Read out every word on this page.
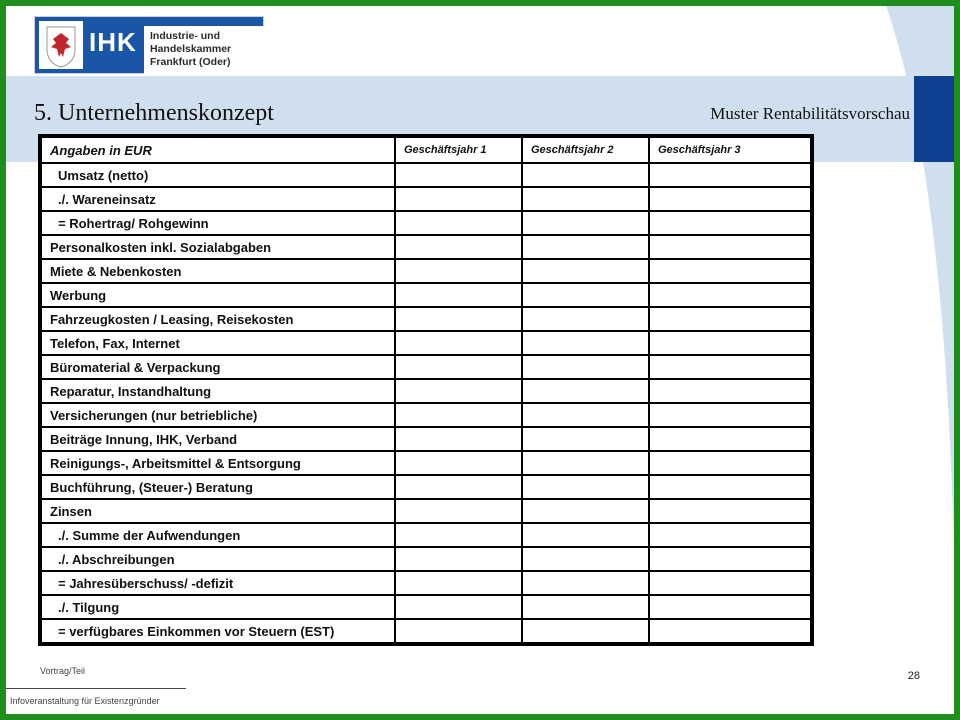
IHK Industrie- und Handelskammer
Frankfurt (Oder)
5. Unternehmenskonzept	Muster Rentabilitätsvorschau
Angaben in EUR	Geschäftsjahr 1	Geschäftsjahr 2	Geschäftsjahr 3
Umsatz (netto)			
./. Wareneinsatz			
= Rohertrag/ Rohgewinn			
Personalkosten inkl. Sozialabgaben			
Miete & Nebenkosten			
Werbung			
Fahrzeugkosten / Leasing, Reisekosten			
Telefon, Fax, Internet			
Büromaterial & Verpackung			
Reparatur, Instandhaltung			
Versicherungen (nur betriebliche)			
Beiträge Innung, IHK, Verband			
Reinigungs-, Arbeitsmittel & Entsorgung			
Buchführung, (Steuer-) Beratung			
Zinsen			
./. Summe der Aufwendungen			
./. Abschreibungen			
= Jahresüberschuss/ -defizit			
./. Tilgung			
= verfügbares Einkommen vor Steuern (EST)			
Vortrag/Teil
Infoveranstaltung für Existenzgründer
28
